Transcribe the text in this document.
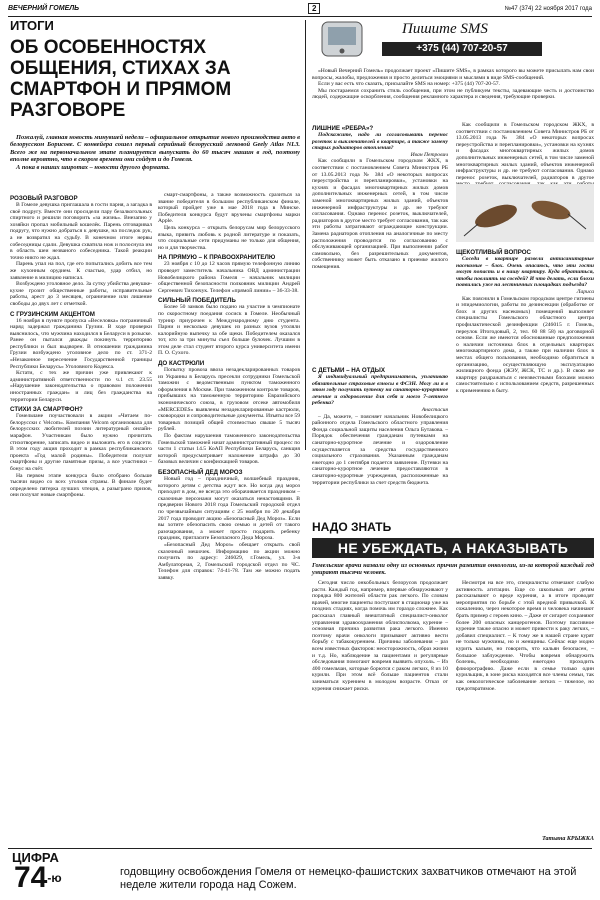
ВЕЧЕРНИЙ ГОМЕЛЬ	2	№47 (374) 22 ноября 2017 года
ИТОГИ
ОБ ОСОБЕННОСТЯХ ОБЩЕНИЯ, СТИХАХ ЗА СМАРТФОН И ПРЯМОМ РАЗГОВОРЕ

Пожалуй, главная новость минувшей недели – официальное открытие нового производства авто в белорусском Борисове. С конвейера сошел первый серийный белорусский легковой Geely Atlas NL3. Всего же на первоначальном этапе планируется выпускать до 60 тысяч машин в год, поэтому вполне вероятно, что в скором времени они сойдут и до Гомеля.

А пока в наших широтах – новости другого формата.

РОЗОВЫЙ РАЗГОВОР

В Гомеле девушка приглашала в гости парня, а загадка в своё подругу. Вместе они просидели пару безалкогольных спиртного и решили поговорить «за жизнь». Внезапно у хозяйки пропал мобильный кошелёк. Парень отговаривал подругу, что нужно добраться к девушке, на последок рук, а не возвратил на судьбу. В конечном итоге нервы собеседницы сдали. Девушка схватила нож и полоснула им в область шеи незваного собеседника. Такой реакции точно никто не ждал.

Парень упал на пол, где его попытались добить все тем же кухонным орудием. К счастью, удар отбил, но заявление в милицию написал.

Возбуждено уголовное дело. За сутку убийства девушке-кухне грозит общественные работы, исправительные работы, арест до 3 месяцев, ограничение или лишение свободы до двух лет с отметкой.

С ГРУЗИНСКИМ АКЦЕНТОМ

16 ноября в пункте пропуска «Веселовка» пограничный наряд задержал гражданина Грузии. В ходе проверки выяснилось, что мужчина находился в Беларуси в розыске. Ранее он пытался дважды покинуть территорию республики и был выдворен. В отношении гражданина Грузии возбуждено уголовное дело по ст. 371-2 «Незаконное пересечение Государственной границы Республики Беларусь» Уголовного Кодекса.

Кстати, с тех же причин уже привлекают к административной ответственности по ч.1 ст. 23.55 «Нарушение законодательства о правовом положении иностранных граждан» и лиц без гражданства на территории Беларуси.

СТИХИ ЗА СМАРТФОН?

Гомельчане поучаствовали в акции «Читаем по-белорусски с Velcom». Компания Velcom организовала для белорусских любителей поэзии литературный онлайн-марафон. Участникам было нужно прочитать стихотворение, записать видео и выложить его в соцсети. В этом году акция проходит в рамках республиканского проекта «Год малой родины». Победители получат смартфоны и другие памятные призы, а все участники – бонус на счёт.

На первом этапе конкурса было отобрано больше тысячи видео со всех уголков страны. В финале будет определено пятерка лучших чтецов, а разыграно призов, они получат новые смартфоны.

смарт-смартфоны, а также возможность сразиться за звание победителя в большом республиканском финале, который пройдет уже в мае 2018 года в Минске. Победителя конкурса будут вручены смартфоны марки Apple.

Цель конкурса – открыть белорусам мир белорусского языка, привить любовь к родной литературе и показать, что социальные сети придуманы не только для общения, но и для творчества.

НА ПРЯМУЮ – К ПРАВООХРАНИТЕЛЮ

23 ноября с 10 до 12 часов прямую телефонную линию проведет заместитель начальника ОВД администрации Новобелицкого района Гомеля – начальник милиции общественной безопасности полковник милиции Андрей Сергеевич Тихончук. Телефон «прямой линии» – 36-33-38.

СИЛЬНЫЙ ПОБЕДИТЕЛЬ

Более 50 замков было подано на участие в чемпионате по скоростному поедания сосиск в Гомеле. Необычный турнир приурочен к Международному дню студента. Парни и несколько девушек из разных вузов утоляли калорийную выпечку за обе щеки. Победителем оказался тот, кто за три минуты съел больше булочек. Лучшим в этом деле стал студент второго курса университета имени П. О. Сухого.

ДО КАСТРЮЛИ

Попытку провоза ввоза незадекларированных товаров из Украины в Беларусь пресекли сотрудники Гомельской таможни с ведомственным пунктом таможенного оформления в Москве. При таможенном контроле товаров, прибывших на таможенную территорию Евразийского экономического союза, в грузовом отсеке автомобиля «MERCEDES» выявлены незадекларированные кастрюли, сковородки и сопроводительные документы. Изъяты все 59 товарных позиций общей стоимостью свыше 5 тысяч рублей.

По фактам нарушения таможенного законодательства Гомельской таможней начат административный процесс по части 1 статьи 14.5 КоАП Республики Беларусь, санкция которой предусматривает наложение штрафа до 30 базовых величин с конфискацией товаров.

БЕЗОПАСНЫЙ ДЕД МОРОЗ

Новый год – праздничный, волшебный праздник, которого детям с детства ждут все. Но когда дед мороз приходит в дом, не всегда это оборачивается праздником – сказочные персонажи могут оказаться ненастоящими. В предверии Нового 2018 года Гомельский городской отдел по чрезвычайным ситуациям с 25 ноября по 20 декабря 2017 года проводит акцию «Безопасный Дед Мороз». Если вы хотите обезопасить свою семью и детей от такого разочарования, а может просто подарить ребенку праздник, пригласите Безопасного Деда Мороза.

«Безопасный Дед Мороз» обещает открыть свой сказочный мешочек. Информацию по акции можно получить по адресу: 246029, г.Гомель, ул. 3-я Амбулаторная, 2, Гомельский городской отдел по ЧС. Телефон для справок: 74-41-78. Там же можно подать заявку.

Пишите SMS
+375 (44) 707-20-57

«Новый Вечерний Гомель» продолжает проект «Пишите SMS», в рамках которого вы можете присылать нам свои вопросы, жалобы, предложения и просто делиться эмоциями и мыслями в виде SMS-сообщений.

Если у вас есть что сказать, присылайте SMS на номер: +375 (44) 707-20-57.

Мы постараемся сохранить стиль сообщения, при этом не публикуем тексты, задевающие честь и достоинство людей, содержащие оскорбления, сообщения рекламного характера и сведения, требующие проверки.

ЛИШНИЕ «РЕБРА»?

Подскажите, надо ли согласовывать перенос розеток и выключателей в квартире, а также замену старых радиаторов отопления?

Иван Петрович

Как сообщили в Гомельском городском ЖКХ, в соответствии с постановлением Совета Министров РБ от 13.05.2013 года № 384 «О некоторых вопросах переустройства и перепланировки», установки на кухнях и фасадах многоквартирных жилых домов дополнительных инженерных сетей, в том числе заменой многоквартирных жилых зданий, объектов инженерной инфраструктуры и др. не требуют согласования. Однако перенос розеток, выключателей, радиаторов в другое место требует согласования, так как эти работы затрагивают ограждающие конструкции. Замена радиаторов отопления на аналогичные по месту расположения проводится по согласованию с обслуживающей организацией. При выполнении работ самовольно, без разрешительных документов, собственнику может быть отказано в приемке жилого помещения.

С ДЕТЬМИ – НА ОТДЫХ

Я индивидуальный предприниматель, уплачиваю обязательные страховые взносы в ФСЗН. Могу ли я в этом году получить путевку на санаторно-курортное лечение и оздоровление для себя и моего 7-летнего ребенка?

Анастасия

– Да, можете, – поясняет начальник Новобелицкого районного отдела Гомельского областного управления Фонда социальной защиты населения Ольга Бутакова. – Порядок обеспечения гражданам путевками на санаторно-курортное лечение и оздоровление осуществляется за средства государственного социального страхования. Указанным гражданам ежегодно до 1 сентября подается заявление. Путевки на санаторно-курортное лечение предоставляются в санаторно-курортные учреждения, расположенные на территории республики за счет средств бюджета.

Как сообщили в Гомельском городском ЖКХ, в соответствии с постановлением Совета Министров РБ от 13.05.2013 года № 384 «О некоторых вопросах переустройства и перепланировки», установки на кухнях и фасадах многоквартирных жилых домов дополнительных инженерных сетей, в том числе заменой многоквартирных жилых зданий, объектов инженерной инфраструктуры и др. не требуют согласования. Однако перенос розеток, выключателей, радиаторов в другое

ЩЕКОТЛИВЫЙ ВОПРОС

Соседи в квартире развели антисанитарные насекомые – блох. Очень опасаюсь, что эти гости могут попасть и в нашу квартиру. Куда обратиться, чтобы повлиять на соседей? И что делать, если блохи появились уже на лестничных площадках подъезда?

Лариса

Как пояснили в Гомельском городском центре гигиены и эпидемиологии, работы по дезинсекции (обработке от блох и других насекомых) помещений выполняет специалисты Гомельского областного центра профилактической дезинфекции (246015 г. Гомель, переулок Итогодовый, 2, тел. 60 88 58) на договорной основе. Если же имеются обоснованные предположения о наличии источника блох в отдельных квартирах многоквартирного дома, а также при наличии блох в местах общего пользования, необходимо обратиться в организацию, осуществляющую эксплуатацию жилищного фонда (ЖЭУ, ЖСК, ТС и др.). В свою же квартиру раздражаться с неизвестными блохами можно самостоятельно с использованием средств, разрешенных к применению в быту.

НАДО ЗНАТЬ
НЕ УБЕЖДАТЬ, А НАКАЗЫВАТЬ
Гомельские врачи назвали одну из основных причин развития онкологии, из-за которой каждый год умирают тысячи человек.

Сегодня число онкобольных белорусов продолжает расти. Каждый год, например, впервые обнаруживают у порядка 800 жителей области рак легкого. По словам врачей, многие пациенты поступают в стационар уже на поздних стадиях, когда помочь им гораздо сложнее. Как рассказал главный внештатный специалист-онколог управления здравоохранения облисполкома, курение – основная причина развития рака легкого. Именно поэтому врачи онкологи призывают активно вести борьбу с табакокурением. Причины заболевания – раз всем известных факторов: неосторожность, образ жизни и т.д. Но, наблюдение за пациентами и регулярные обследования помогают вовремя выявить опухоль. – Из 400 гомельчан, которые борются с раком легких, 8 из 10 курили. При этом всё больше пациентов стали заниматься курением в молодом возрасте. Отказ от курения снижает риски.

Несмотря на все это, специалисты отмечают слабую активность агитации. Еще со школьных лет детям рассказывают о вреде курения, а в итоге проводят мероприятия по борьбе с этой вредной привычкой. К сожалению, через некоторое время и человека начинают брать пример с героев кино. – Даже от сигарет сохраняют более 200 опасных канцерогенов. Поэтому пассивное курение также опасно и может привести к раку легких, – добавил специалист. – К тому же в нашей стране курят не только мужчины, но и женщины. Сейчас еще модно курить кальян, но говорить, что кальян безопасен, – большое заблуждение. Чтобы вовремя обнаружить болезнь, необходимо ежегодно проходить флюорографию. Даже если в семье только один курильщик, в зоне риска находятся все члены семьи, так как онкологическое заболевание легких – тяжелое, но предотвратимое.

Татьяна КРЫЖКА
ЦИФРА
$74^{-ю}$	годовщину освобождения Гомеля от немецко-фашистских захватчиков отмечают на этой неделе жители города над Сожем.
